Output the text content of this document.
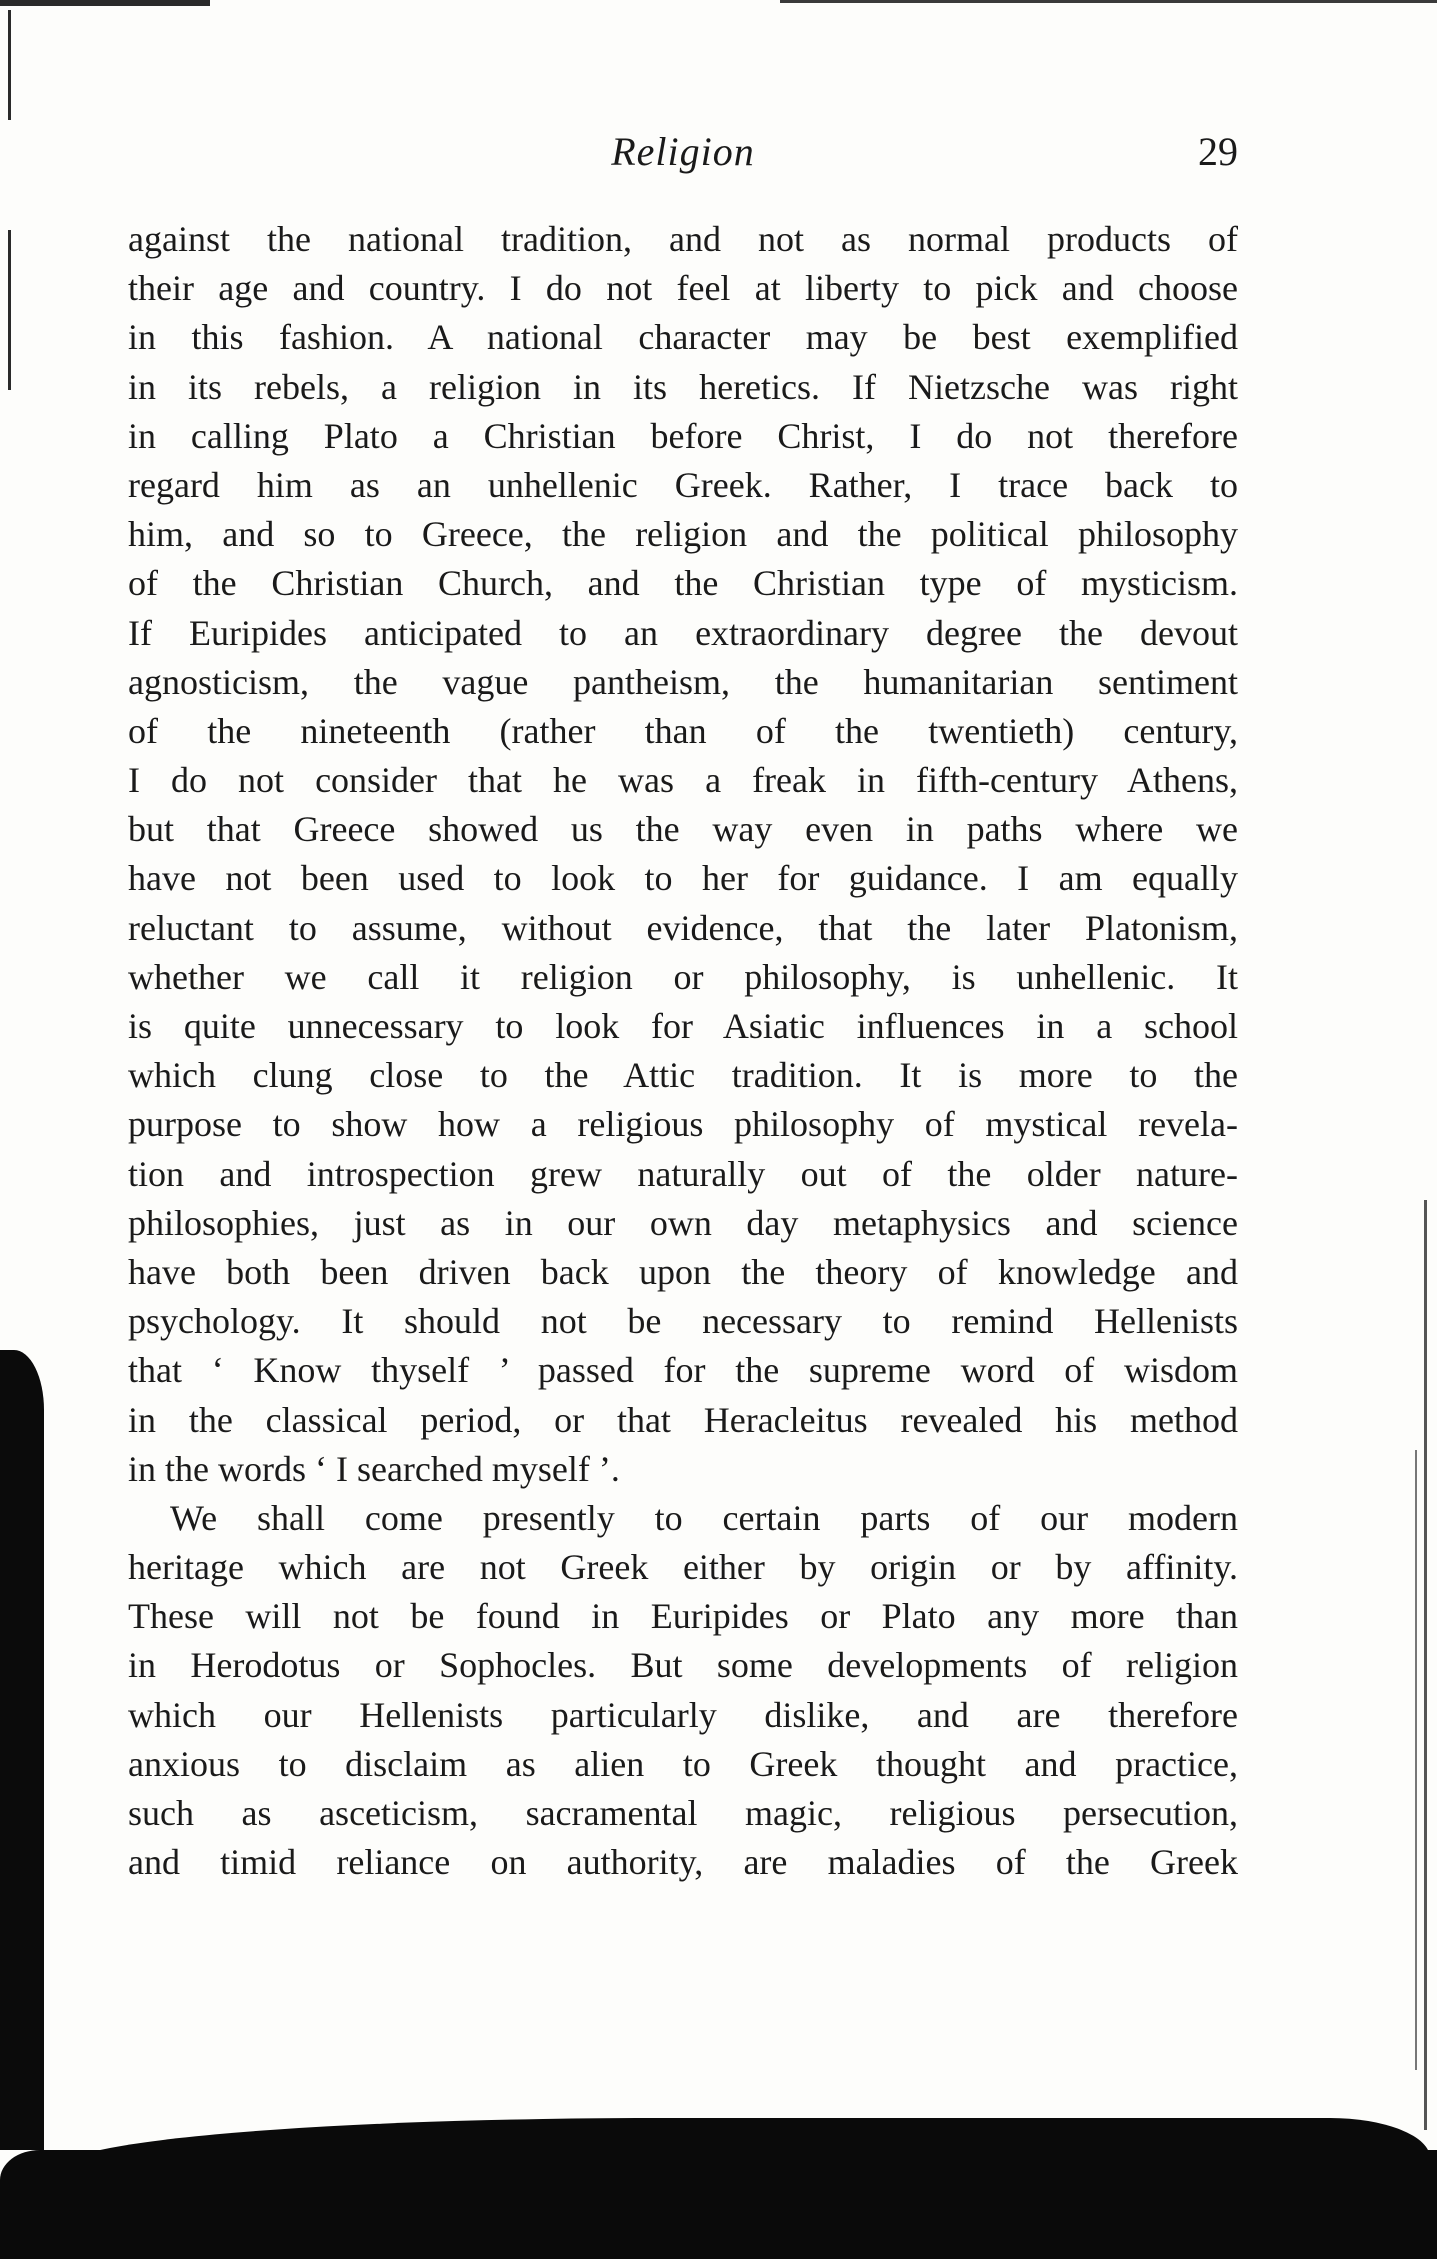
Religion	29
against the national tradition, and not as normal products of
their age and country. I do not feel at liberty to pick and choose
in this fashion. A national character may be best exemplified
in its rebels, a religion in its heretics. If Nietzsche was right
in calling Plato a Christian before Christ, I do not therefore
regard him as an unhellenic Greek. Rather, I trace back to
him, and so to Greece, the religion and the political philosophy
of the Christian Church, and the Christian type of mysticism.
If Euripides anticipated to an extraordinary degree the devout
agnosticism, the vague pantheism, the humanitarian sentiment
of the nineteenth (rather than of the twentieth) century,
I do not consider that he was a freak in fifth-century Athens,
but that Greece showed us the way even in paths where we
have not been used to look to her for guidance. I am equally
reluctant to assume, without evidence, that the later Platonism,
whether we call it religion or philosophy, is unhellenic. It
is quite unnecessary to look for Asiatic influences in a school
which clung close to the Attic tradition. It is more to the
purpose to show how a religious philosophy of mystical revela-
tion and introspection grew naturally out of the older nature-
philosophies, just as in our own day metaphysics and science
have both been driven back upon the theory of knowledge and
psychology. It should not be necessary to remind Hellenists
that ‘ Know thyself ’ passed for the supreme word of wisdom
in the classical period, or that Heracleitus revealed his method
in the words ‘ I searched myself ’.
We shall come presently to certain parts of our modern
heritage which are not Greek either by origin or by affinity.
These will not be found in Euripides or Plato any more than
in Herodotus or Sophocles. But some developments of religion
which our Hellenists particularly dislike, and are therefore
anxious to disclaim as alien to Greek thought and practice,
such as asceticism, sacramental magic, religious persecution,
and timid reliance on authority, are maladies of the Greek
